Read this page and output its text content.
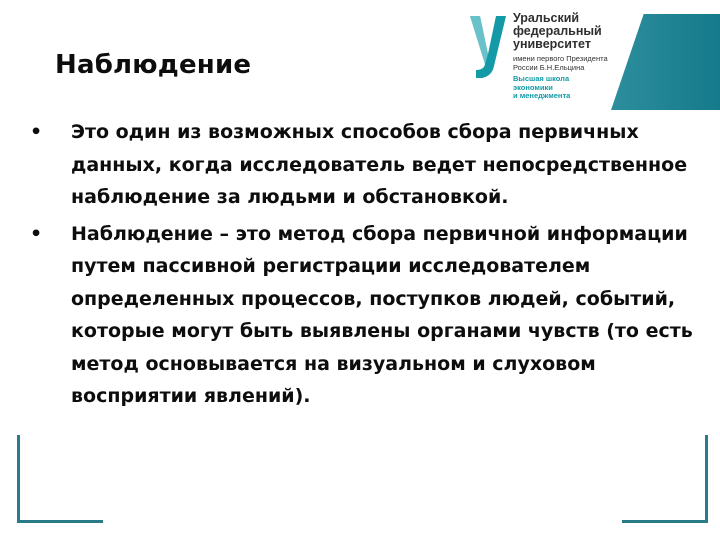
Наблюдение

Уральский
федеральный
университет

имени первого Президента
России Б.Н.Ельцина

Высшая школа
экономики
и менеджмента

•	Это один из возможных способов сбора первичных данных, когда исследователь ведет непосредственное наблюдение за людьми и обстановкой.
•	Наблюдение – это метод сбора первичной информации путем пассивной регистрации исследователем определенных процессов, поступков людей, событий, которые могут быть выявлены органами чувств (то есть метод основывается на визуальном и слуховом восприятии явлений).
